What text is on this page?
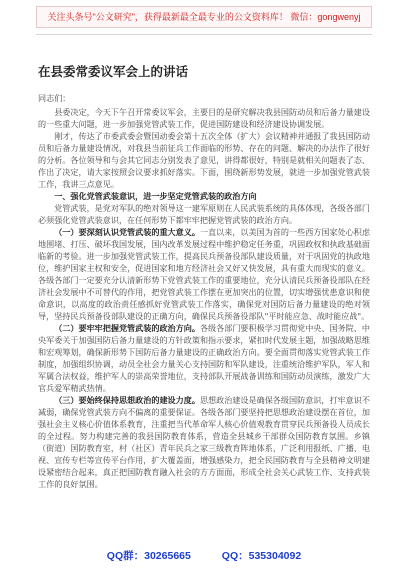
关注头条号"公文研究"，获得最新最全最专业的公文资料库！ 微信：gongwenyj
在县委常委议军会上的讲话

同志们：

县委决定，今天下午召开常委议军会，主要目的是研究解决我县国防动员和后备力量建设的一些重大问题，进一步加强党管武装工作，促进国防建设和经济建设协调发展。

刚才，传达了市委武委会暨国动委会第十五次全体（扩大）会议精神并通报了我县国防动员和后备力量建设情况，对我县当前征兵工作面临的形势、存在的问题、解决的办法作了很好的分析。各位领导和与会其它同志分别发表了意见，讲得都很好，特别是就相关问题表了态、作出了决定，请大家按照会议要求抓好落实。下面，围绕新形势发展，就进一步加强党管武装工作，我讲三点意见。

一、强化党管武装意识，进一步坚定党管武装的政治方向

党管武装，是党对军队的绝对领导这一建军原则在人民武装系统的具体体现，各级各部门必须强化党管武装意识，在任何形势下都牢牢把握党管武装的政治方向。

（一）要深刻认识党管武装的重大意义。一直以来，以美国为首的一些西方国家处心积虑地围堵、打压、破坏我国发展，国内改革发展过程中维护稳定任务重，巩固政权和执政基础面临新的考验。进一步加强党管武装工作，提高民兵预备役部队建设质量，对于巩固党的执政地位，维护国家主权和安全，促进国家和地方经济社会又好又快发展，具有重大而现实的意义。各级各部门一定要充分认清新形势下党管武装工作的重要地位，充分认清民兵预备役部队在经济社会发展中不可替代的作用，把党管武装工作摆在更加突出的位置，切实增强忧患意识和使命意识，以高度的政治责任感抓好党管武装工作落实，确保党对国防后备力量建设的绝对领导，坚持民兵预备役部队建设的正确方向，确保民兵预备役部队"平时能应急、战时能应战"。

（二）要牢牢把握党管武装的政治方向。各级各部门要积极学习贯彻党中央、国务院、中央军委关于加强国防后备力量建设的方针政策和指示要求，紧扣时代发展主题，加强战略思维和宏观筹划，确保新形势下国防后备力量建设的正确政治方向。要全面贯彻落实党管武装工作制度，加强组织协调，动员全社会力量关心支持国防和军队建设，注重统洽维护军队，军人和军属合法权益，维护军人的崇高荣誉地位，支持部队开展战备训练和国防动员演练，激发广大官兵爱军精武热情。

（三）要始终保持思想政治的建设力度。思想政治建设是确保各级国防意识，打牢意识不减弱，确保党管武装方向不偏离的重要保证。各级各部门要坚持把思想政治建设摆在首位，加强社会主义核心价值体系教育，注重把当代革命军人核心价值观教育贯穿民兵预备役人员成长的全过程。努力构建完善的我县国防教育体系，营造全县城乡干部群众国防教育氛围。乡镇（街道）国防教育室，村（社区）青年民兵之家三级教育阵地体系，广泛利用报纸、广播、电视、宣传专栏等宣传平台作用，扩大覆盖面，增强感染力，把全民国防教育与全县精神文明建设紧密结合起来，真正把国防教育融入社会的方方面面，形成全社会关心武装工作、支持武装工作的良好氛围。

QQ群：30265665	QQ：535304092
